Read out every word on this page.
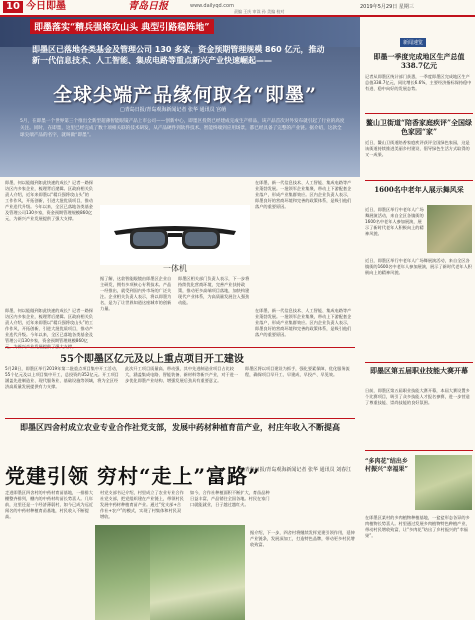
10 今日即墨	青岛日报	www.dailyqd.com	2019年5月29日 星期三
责编 王庆 审读 孙 美编 校对
即墨落实“精兵强将攻山头 典型引路稳阵地”
即墨区已落地各类基金及管理公司 130 多家，资金预期管理规模 860 亿元，推动新一代信息技术、人工智能、集成电路等重点新兴产业快速崛起——
全球尖端产品缘何取名“即墨”
□青岛日报/青岛观海新闻记者 张华 通讯员 宫萌
5月，在即墨一个世界第三个推出全新型超薄智能眼镜产品上市公司——创新中心，即墨区投资已经建成完成生产样品，该产品首次对外发布就引起了行业的高度关注。同时，在即墨，这里已经完成了数十项相关联的技术研发，从产品硬件到软件技术、智能终端到应用场景，都已经具备了完整的产业链。据介绍，这款全球尖端产品的名字，就叫做“即墨”。
即墨，何以能做到如此快速的成长？记者一路探访区内多家企业，梳理背后逻辑。区政府相关负责人介绍，近年来即墨以“精兵强将攻山头”的工作作风，开拓创新，引进大批优质项目，推动产业迭代升级。今年以来，全区已落地各类基金及管理公司130多家，资金预期管理规模860亿元，为新兴产业发展提供了强大支撑。
在即墨，新一代信息技术、人工智能、集成电路等产业蓬勃发展。一批领军企业集聚，带动上下游配套企业落户，形成产业集群效应。区内企业负责人表示，即墨良好的营商环境和完善的政策体系，是吸引他们落户的重要原因。
据了解，这款智能眼镜由即墨区企业自主研发，拥有多项核心专利技术。产品一经推出，就受到国内外市场的广泛关注。企业相关负责人表示，将以即墨为名，是为了让世界知道这座城市的创新力量。
即墨区相关部门负责人表示，下一步将持续优化营商环境，完善产业扶持政策，推动更多高端项目落地，加快构建现代产业体系，为高质量发展注入强劲动能。
即墨，何以能做到如此快速的成长？记者一路探访区内多家企业，梳理背后逻辑。区政府相关负责人介绍，近年来即墨以“精兵强将攻山头”的工作作风，开拓创新，引进大批优质项目，推动产业迭代升级。今年以来，全区已落地各类基金及管理公司130多家，资金预期管理规模860亿
在即墨，新一代信息技术、人工智能、集成电路等产业蓬勃发展。一批领军企业集聚，带动上下游配套企业落户，形成产业集群效应。区内企业负责人表示，即墨良好的营商环境和完善的政策体系，是吸引他们落户的重要原因。
一体机
55个即墨区亿元及以上重点项目开工建设
5月28日，即墨区举行2019年第二批重点项目集中开工活动，55个亿元及以上项目集中开工，总投资约352亿元。开工项目涵盖先进制造业、现代服务业、基础设施等领域，将为全区经济高质量发展提供有力支撑。
此次开工项目质量高、带动强，其中先进制造业项目占比较大，涵盖集成电路、智能装备、新材料等新兴产业，对于进一步优化即墨产业结构、增强发展后劲具有重要意义。
即墨区将以项目建设为抓手，强化要素保障，优化服务流程，确保项目早开工、早建成、早投产、早见效。
即墨区四舍村成立农业专业合作社党支部，发展中药材种植育苗产业，村庄年收入不断提高
党建引领 穷村“走上”富路”
□青岛日报/青岛观海新闻记者 张华 通讯员 刘春江
走进即墨区四舍村的中药材育苗基地，一排排大棚整齐排列，棚内的中药材幼苗长势喜人。几年前，这里还是一个经济薄弱村，如今已成为远近闻名的中药材种植育苗基地，村民收入不断提高。
村党支部书记介绍，村里成立了农业专业合作社党支部，把党组织建在产业链上，带领村民发展中药材种植育苗产业。通过“党支部+合作社+农户”的模式，实现了村集体和村民双增收。
如今，合作社种植面积不断扩大，育苗品种日益丰富，产品销往全国各地。村民在家门口就能就业，日子越过越红火。
据介绍，下一步，四舍村将继续发挥党建引领作用，延伸产业链条，发展深加工，打造特色品牌，带动更多村民增收致富。
新闻速览
即墨一季度完成地区生产总值 338.7亿元
记者从即墨区统计部门获悉，一季度即墨区完成地区生产总值338.7亿元，同比增长6.6%，主要经济指标保持稳中有进、稳中向好的发展态势。
鳌山卫街道“陪香家庭疾评”全国绿色家园“家”
近日，鳌山卫街道陪香家庭疾评获评全国绿色家园，这是该街道持续推进美丽乡村建设、倡导绿色生活方式取得的又一成果。
1600名中老年人展示舞风采
近日，即墨区举行中老年人广场舞展演活动，来自全区各镇街的1600名中老年人参加展演，展示了新时代老年人积极向上的精神风貌。
近日，即墨区举行中老年人广场舞展演活动，来自全区各镇街的1600名中老年人参加展演，展示了新时代老年人积极向上的精神风貌。
即墨区第五届职业技能大赛开幕
日前，即墨区第五届职业技能大赛开幕，本届大赛设置多个比赛项目，吸引了众多技能人才报名参赛，进一步营造了尊重技能、崇尚技能的良好氛围。
“多肉花”结出乡村振兴“幸福果”
在即墨区某村的多肉植物种植基地，一盆盆形态各异的多肉植物长势喜人。村里通过发展多肉植物特色种植产业，带动村民增收致富，让“多肉花”结出了乡村振兴的“幸福果”。
